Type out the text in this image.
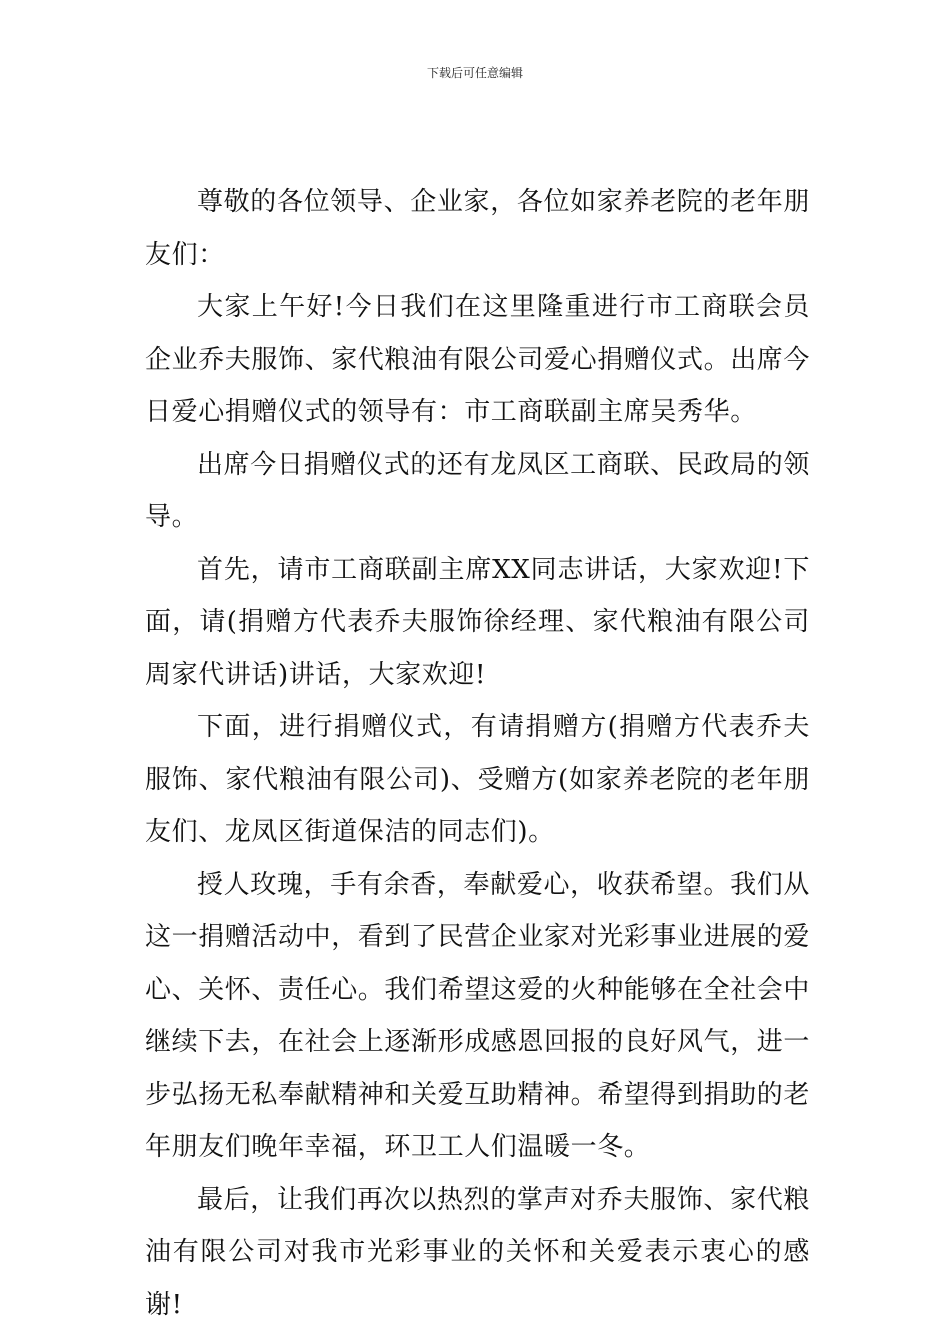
下载后可任意编辑

尊敬的各位领导、企业家，各位如家养老院的老年朋友们：

大家上午好!今日我们在这里隆重进行市工商联会员企业乔夫服饰、家代粮油有限公司爱心捐赠仪式。出席今日爱心捐赠仪式的领导有：市工商联副主席吴秀华。

出席今日捐赠仪式的还有龙凤区工商联、民政局的领导。

首先，请市工商联副主席XX同志讲话，大家欢迎!下面，请(捐赠方代表乔夫服饰徐经理、家代粮油有限公司周家代讲话)讲话，大家欢迎!

下面，进行捐赠仪式，有请捐赠方(捐赠方代表乔夫服饰、家代粮油有限公司)、受赠方(如家养老院的老年朋友们、龙凤区街道保洁的同志们)。

授人玫瑰，手有余香，奉献爱心，收获希望。我们从这一捐赠活动中，看到了民营企业家对光彩事业进展的爱心、关怀、责任心。我们希望这爱的火种能够在全社会中继续下去，在社会上逐渐形成感恩回报的良好风气，进一步弘扬无私奉献精神和关爱互助精神。希望得到捐助的老年朋友们晚年幸福，环卫工人们温暖一冬。

最后，让我们再次以热烈的掌声对乔夫服饰、家代粮油有限公司对我市光彩事业的关怀和关爱表示衷心的感谢!
